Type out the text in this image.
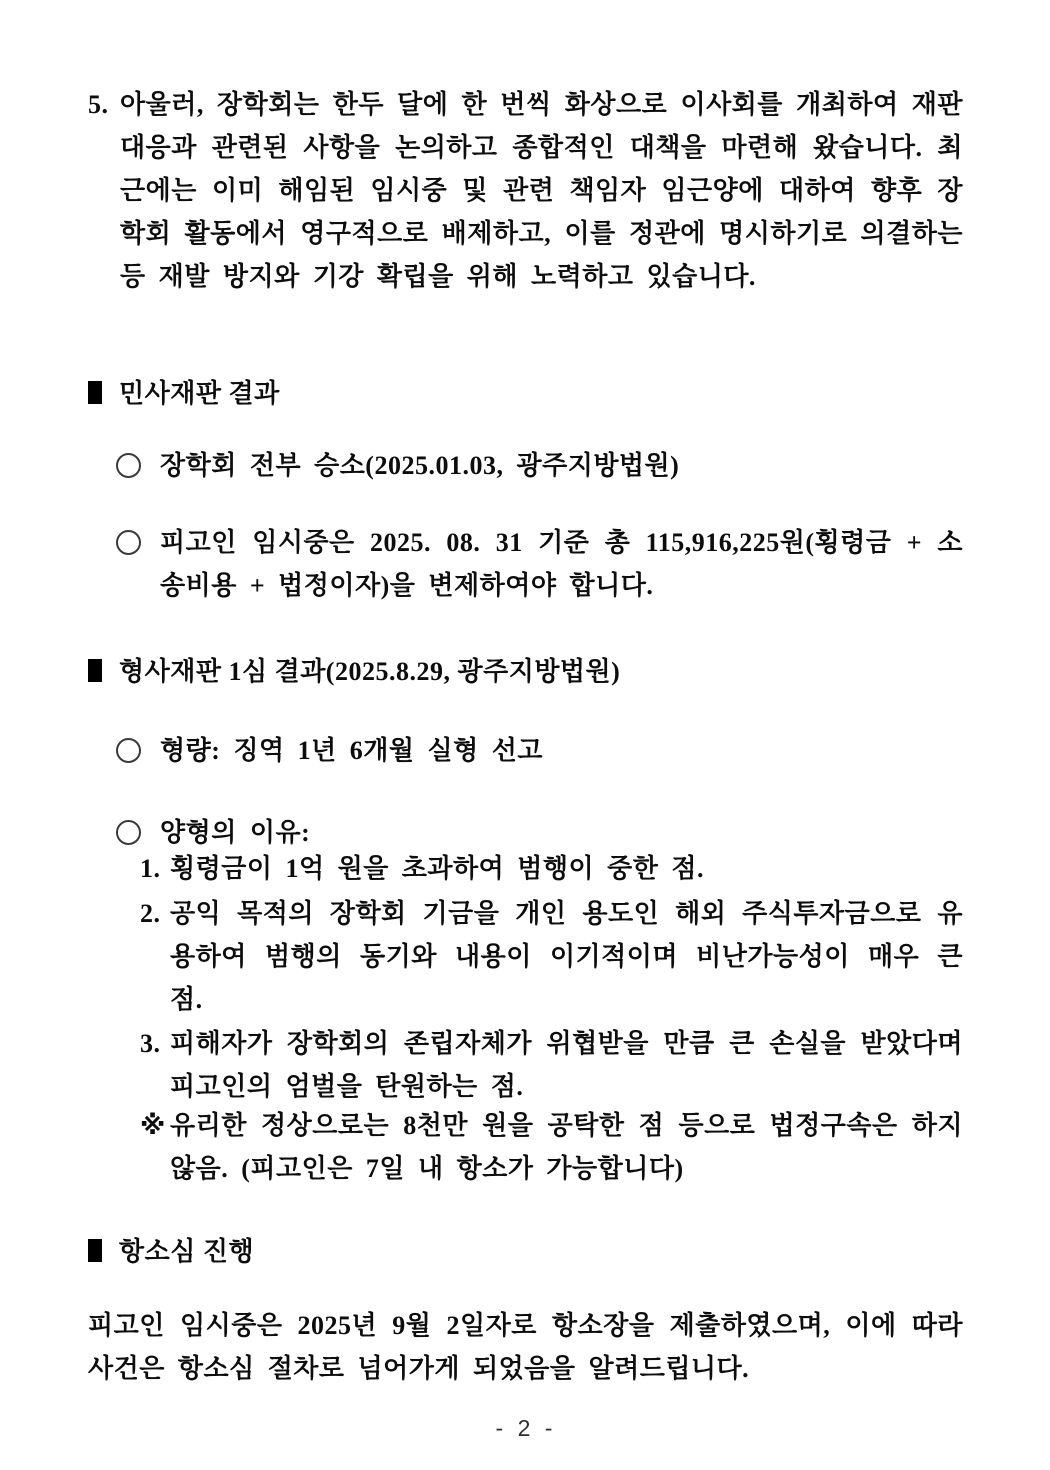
5. 아울러, 장학회는 한두 달에 한 번씩 화상으로 이사회를 개최하여 재판 대응과 관련된 사항을 논의하고 종합적인 대책을 마련해 왔습니다. 최근에는 이미 해임된 임시중 및 관련 책임자 임근양에 대하여 향후 장학회 활동에서 영구적으로 배제하고, 이를 정관에 명시하기로 의결하는 등 재발 방지와 기강 확립을 위해 노력하고 있습니다.
민사재판 결과
장학회 전부 승소(2025.01.03, 광주지방법원)
피고인 임시중은 2025. 08. 31 기준 총 115,916,225원(횡령금 + 소송비용 + 법정이자)을 변제하여야 합니다.
형사재판 1심 결과(2025.8.29, 광주지방법원)
형량: 징역 1년 6개월 실형 선고
양형의 이유:
1. 횡령금이 1억 원을 초과하여 범행이 중한 점.
2. 공익 목적의 장학회 기금을 개인 용도인 해외 주식투자금으로 유용하여 범행의 동기와 내용이 이기적이며 비난가능성이 매우 큰 점.
3. 피해자가 장학회의 존립자체가 위협받을 만큼 큰 손실을 받았다며 피고인의 엄벌을 탄원하는 점.
※ 유리한 정상으로는 8천만 원을 공탁한 점 등으로 법정구속은 하지 않음. (피고인은 7일 내 항소가 가능합니다)
항소심 진행
피고인 임시중은 2025년 9월 2일자로 항소장을 제출하였으며, 이에 따라 사건은 항소심 절차로 넘어가게 되었음을 알려드립니다.
- 2 -
